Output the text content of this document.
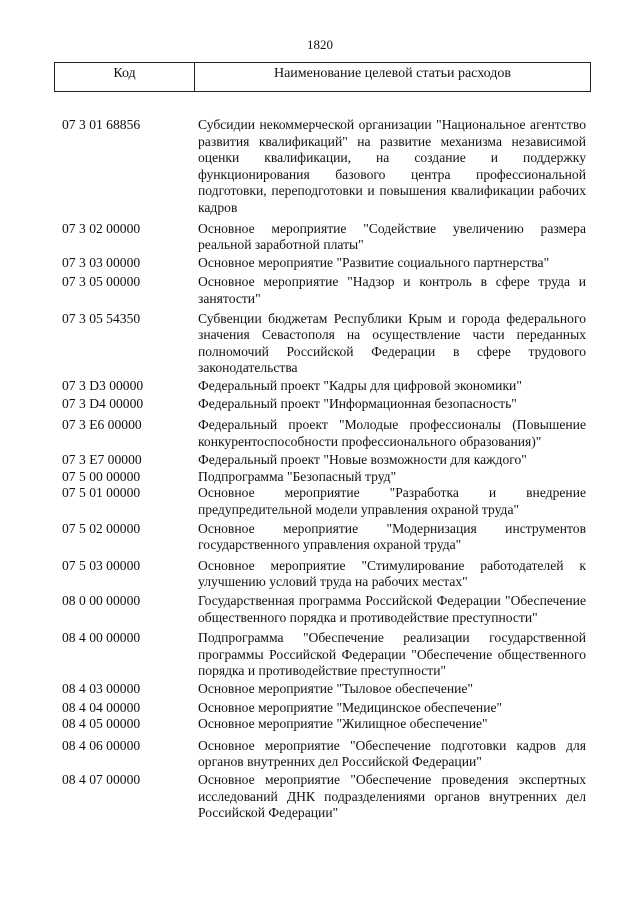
1820
Код	Наименование целевой статьи расходов
07 3 01 68856	Субсидии некоммерческой организации "Национальное агентство развития квалификаций" на развитие механизма независимой оценки квалификации, на создание и поддержку функционирования базового центра профессиональной подготовки, переподготовки и повышения квалификации рабочих кадров
07 3 02 00000	Основное мероприятие "Содействие увеличению размера реальной заработной платы"
07 3 03 00000	Основное мероприятие "Развитие социального партнерства"
07 3 05 00000	Основное мероприятие "Надзор и контроль в сфере труда и занятости"
07 3 05 54350	Субвенции бюджетам Республики Крым и города федерального значения Севастополя на осуществление части переданных полномочий Российской Федерации в сфере трудового законодательства
07 3 D3 00000	Федеральный проект "Кадры для цифровой экономики"
07 3 D4 00000	Федеральный проект "Информационная безопасность"
07 3 E6 00000	Федеральный проект "Молодые профессионалы (Повышение конкурентоспособности профессионального образования)"
07 3 E7 00000	Федеральный проект "Новые возможности для каждого"
07 5 00 00000	Подпрограмма "Безопасный труд"
07 5 01 00000	Основное мероприятие "Разработка и внедрение предупредительной модели управления охраной труда"
07 5 02 00000	Основное мероприятие "Модернизация инструментов государственного управления охраной труда"
07 5 03 00000	Основное мероприятие "Стимулирование работодателей к улучшению условий труда на рабочих местах"
08 0 00 00000	Государственная программа Российской Федерации "Обеспечение общественного порядка и противодействие преступности"
08 4 00 00000	Подпрограмма "Обеспечение реализации государственной программы Российской Федерации "Обеспечение общественного порядка и противодействие преступности"
08 4 03 00000	Основное мероприятие "Тыловое обеспечение"
08 4 04 00000	Основное мероприятие "Медицинское обеспечение"
08 4 05 00000	Основное мероприятие "Жилищное обеспечение"
08 4 06 00000	Основное мероприятие "Обеспечение подготовки кадров для органов внутренних дел Российской Федерации"
08 4 07 00000	Основное мероприятие "Обеспечение проведения экспертных исследований ДНК подразделениями органов внутренних дел Российской Федерации"
